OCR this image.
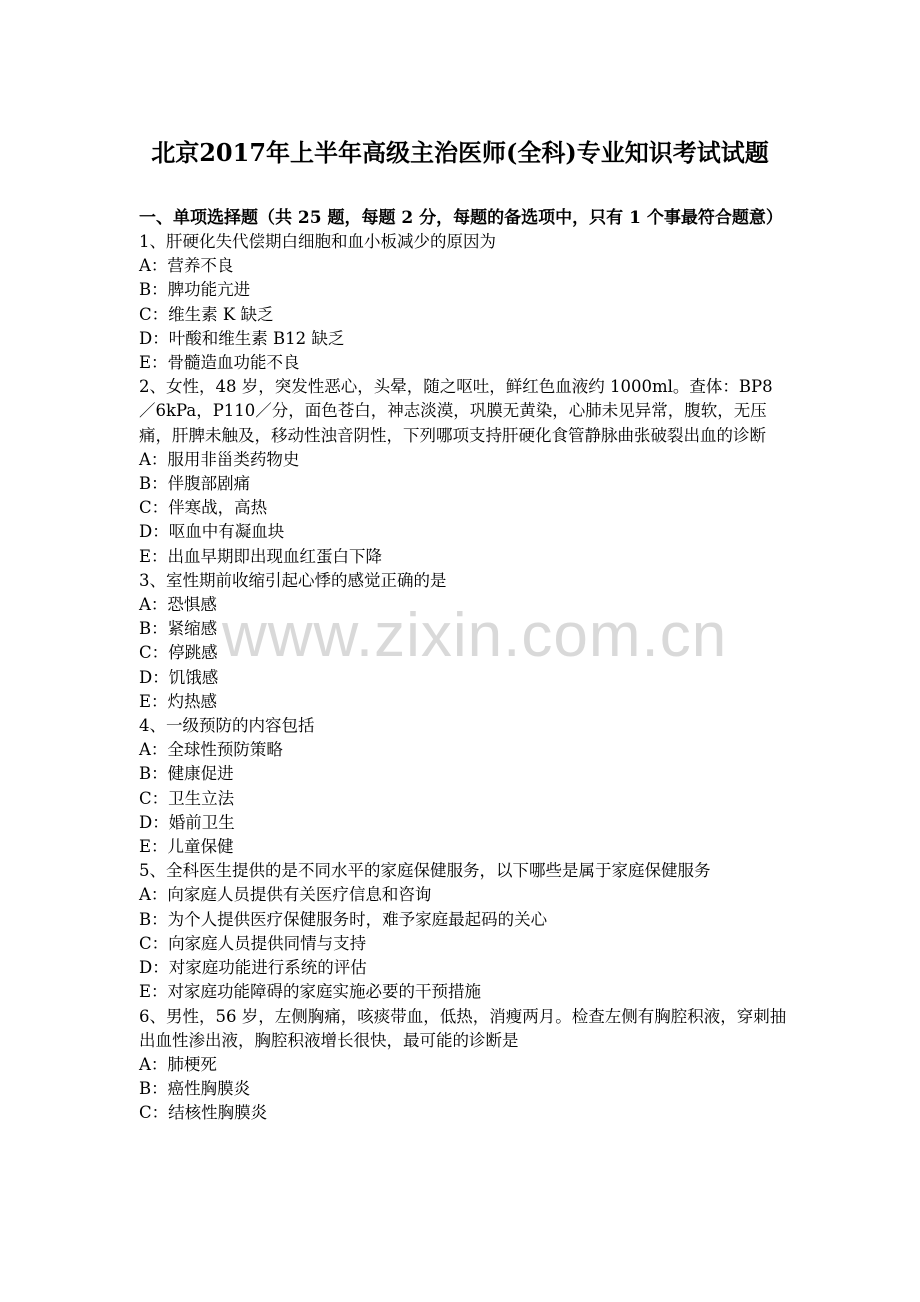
www.zixin.com.cn
北京2017年上半年高级主治医师(全科)专业知识考试试题

一、单项选择题（共 25 题，每题 2 分，每题的备选项中，只有 1 个事最符合题意）

1、肝硬化失代偿期白细胞和血小板减少的原因为

A：营养不良

B：脾功能亢进

C：维生素 K 缺乏

D：叶酸和维生素 B12 缺乏

E：骨髓造血功能不良

2、女性，48 岁，突发性恶心，头晕，随之呕吐，鲜红色血液约 1000ml。查体：BP8／6kPa，P110／分，面色苍白，神志淡漠，巩膜无黄染，心肺未见异常，腹软，无压痛，肝脾未触及，移动性浊音阴性，下列哪项支持肝硬化食管静脉曲张破裂出血的诊断

A：服用非甾类药物史

B：伴腹部剧痛

C：伴寒战，高热

D：呕血中有凝血块

E：出血早期即出现血红蛋白下降

3、室性期前收缩引起心悸的感觉正确的是

A：恐惧感

B：紧缩感

C：停跳感

D：饥饿感

E：灼热感

4、一级预防的内容包括

A：全球性预防策略

B：健康促进

C：卫生立法

D：婚前卫生

E：儿童保健

5、全科医生提供的是不同水平的家庭保健服务，以下哪些是属于家庭保健服务

A：向家庭人员提供有关医疗信息和咨询

B：为个人提供医疗保健服务时，难予家庭最起码的关心

C：向家庭人员提供同情与支持

D：对家庭功能进行系统的评估

E：对家庭功能障碍的家庭实施必要的干预措施

6、男性，56 岁，左侧胸痛，咳痰带血，低热，消瘦两月。检查左侧有胸腔积液，穿刺抽出血性渗出液，胸腔积液增长很快，最可能的诊断是

A：肺梗死

B：癌性胸膜炎

C：结核性胸膜炎
